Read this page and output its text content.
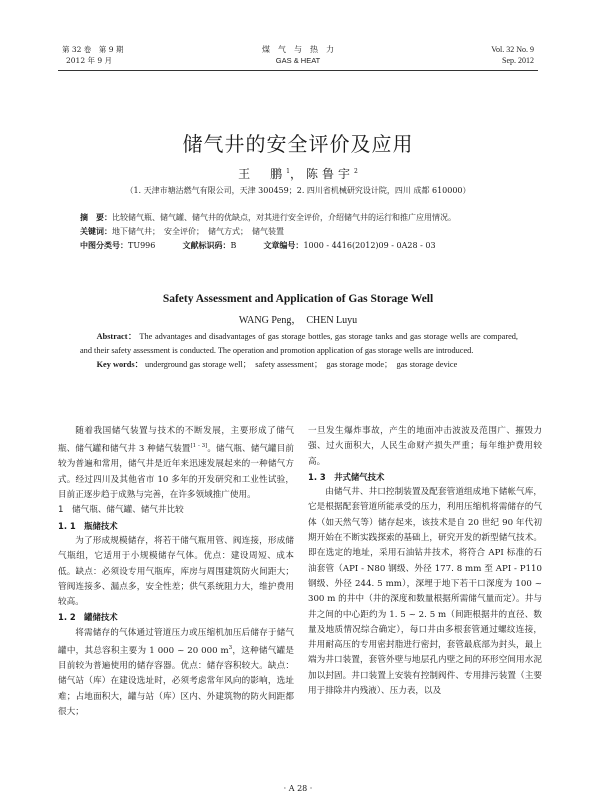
第 32 卷　第 9 期
2012 年 9 月
煤　气　与　热　力
GAS & HEAT
Vol. 32 No. 9
Sep. 2012
储气井的安全评价及应用
王　鹏$^1$，陈鲁宇$^2$
（1. 天津市塘沽燃气有限公司，天津 300459；2. 四川省机械研究设计院，四川 成都 610000）
摘　要：比较储气瓶、储气罐、储气井的优缺点，对其进行安全评价，介绍储气井的运行和推广应用情况。
关键词：地下储气井；　安全评价；　储气方式；　储气装置
中图分类号：TU996	文献标识码：B	文章编号：1000 - 4416(2012)09 - 0A28 - 03
Safety Assessment and Application of Gas Storage Well
WANG Peng，　CHEN Luyu
Abstract： The advantages and disadvantages of gas storage bottles, gas storage tanks and gas storage wells are compared, and their safety assessment is conducted. The operation and promotion application of gas storage wells are introduced.
Key words： underground gas storage well；　safety assessment；　gas storage mode；　gas storage device

随着我国储气装置与技术的不断发展，主要形成了储气瓶、储气罐和储气井 3 种储气装置[1 - 3]。储气瓶、储气罐目前较为普遍和常用，储气井是近年来迅速发展起来的一种储气方式。经过四川及其他省市 10 多年的开发研究和工业性试验，目前正逐步趋于成熟与完善，在许多领域推广使用。

1　储气瓶、储气罐、储气井比较

1. 1　瓶储技术

为了形成规模储存，将若干储气瓶用管、阀连接，形成储气瓶组，它适用于小规模储存气体。优点：建设周短、成本低。缺点：必须设专用气瓶库，库房与周围建筑防火间距大；管阀连接多、漏点多，安全性差；供气系统阻力大，维护费用较高。

1. 2　罐储技术

将需储存的气体通过管道压力或压缩机加压后储存于储气罐中，其总容积主要为 1 000 ~ 20 000 $m^3$，这种储气罐是目前较为普遍使用的储存容器。优点：储存容积较大。缺点：储气站（库）在建设选址时，必须考虑常年风向的影响，选址难；占地面积大，罐与站（库）区内、外建筑物的防火间距都很大；

一旦发生爆炸事故，产生的地面冲击波波及范围广、摧毁力强、过火面积大，人民生命财产损失严重；每年维护费用较高。

1. 3　井式储气技术

由储气井、井口控制装置及配套管道组成地下储帐气库，它是根据配套管道所能承受的压力，利用压缩机将需储存的气体（如天然气等）储存起来，该技术是自 20 世纪 90 年代初期开始在不断实践探索的基础上，研究开发的新型储气技术。即在选定的地址，采用石油钻井技术，将符合 API 标准的石油套管（API - N80 钢级、外径 177. 8 mm 至 API - P110 钢级、外径 244. 5 mm），深埋于地下若干口深度为 100 ~ 300 m 的井中（井的深度和数量根据所需储气量而定）。井与井之间的中心距约为 1. 5 ~ 2. 5 m（间距根据井的直径、数量及地质情况综合确定），每口井由多根套管通过螺纹连接，井用耐高压的专用密封脂进行密封，套管最底部为封头，最上端为井口装置，套管外壁与地层孔内壁之间的环形空间用水泥加以封固。井口装置上安装有控制阀件、专用排污装置（主要用于排除井内残液）、压力表，以及

· A 28 ·
